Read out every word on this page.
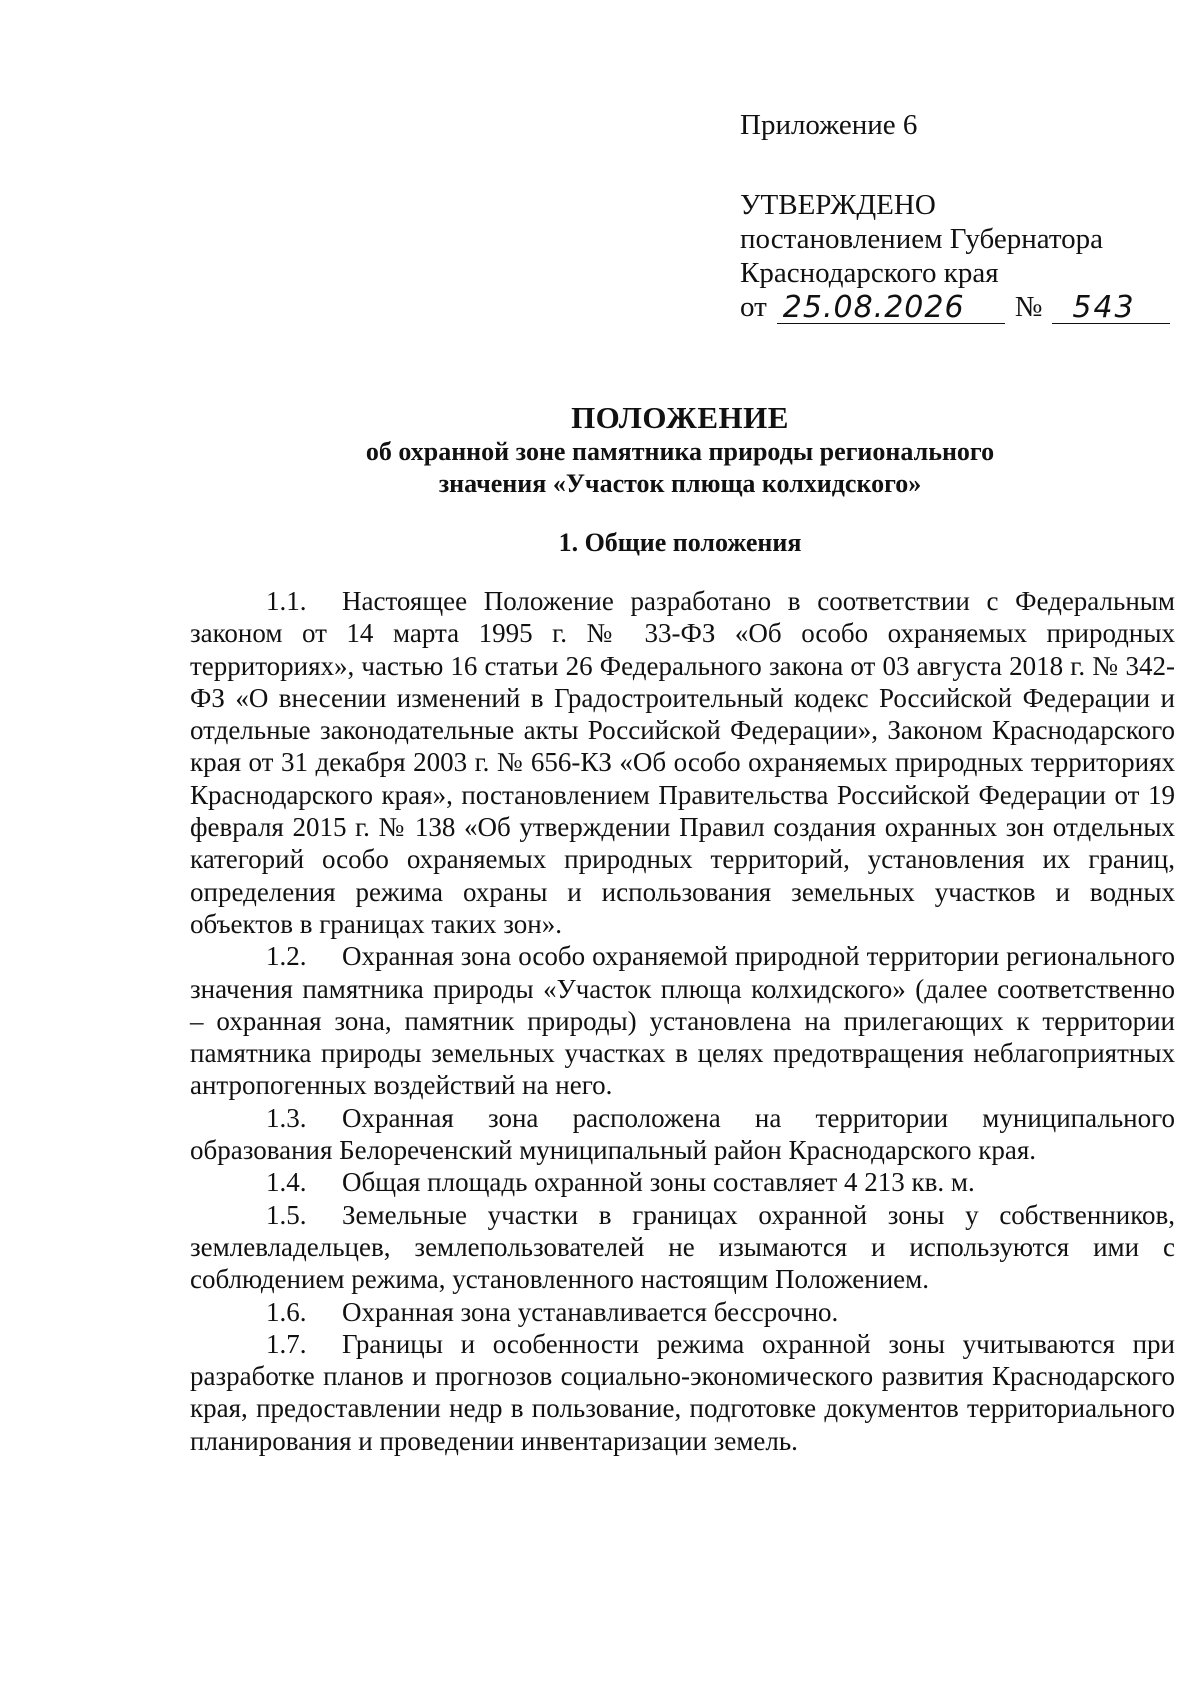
Приложение 6
УТВЕРЖДЕНО
постановлением Губернатора
Краснодарского края
от 25.08.2026 № 543
ПОЛОЖЕНИЕ
об охранной зоне памятника природы регионального
значения «Участок плюща колхидского»
1. Общие положения

1.1. Настоящее Положение разработано в соответствии с Федеральным законом от 14 марта 1995 г. № 33-ФЗ «Об особо охраняемых природных территориях», частью 16 статьи 26 Федерального закона от 03 августа 2018 г. № 342-ФЗ «О внесении изменений в Градостроительный кодекс Российской Федерации и отдельные законодательные акты Российской Федерации», Законом Краснодарского края от 31 декабря 2003 г. № 656-КЗ «Об особо охраняемых природных территориях Краснодарского края», постановлением Правительства Российской Федерации от 19 февраля 2015 г. № 138 «Об утверждении Правил создания охранных зон отдельных категорий особо охраняемых природных территорий, установления их границ, определения режима охраны и использования земельных участков и водных объектов в границах таких зон».

1.2. Охранная зона особо охраняемой природной территории регионального значения памятника природы «Участок плюща колхидского» (далее соответственно – охранная зона, памятник природы) установлена на прилегающих к территории памятника природы земельных участках в целях предотвращения неблагоприятных антропогенных воздействий на него.

1.3. Охранная зона расположена на территории муниципального образования Белореченский муниципальный район Краснодарского края.

1.4. Общая площадь охранной зоны составляет 4 213 кв. м.

1.5. Земельные участки в границах охранной зоны у собственников, землевладельцев, землепользователей не изымаются и используются ими с соблюдением режима, установленного настоящим Положением.

1.6. Охранная зона устанавливается бессрочно.

1.7. Границы и особенности режима охранной зоны учитываются при разработке планов и прогнозов социально-экономического развития Краснодарского края, предоставлении недр в пользование, подготовке документов территориального планирования и проведении инвентаризации земель.
